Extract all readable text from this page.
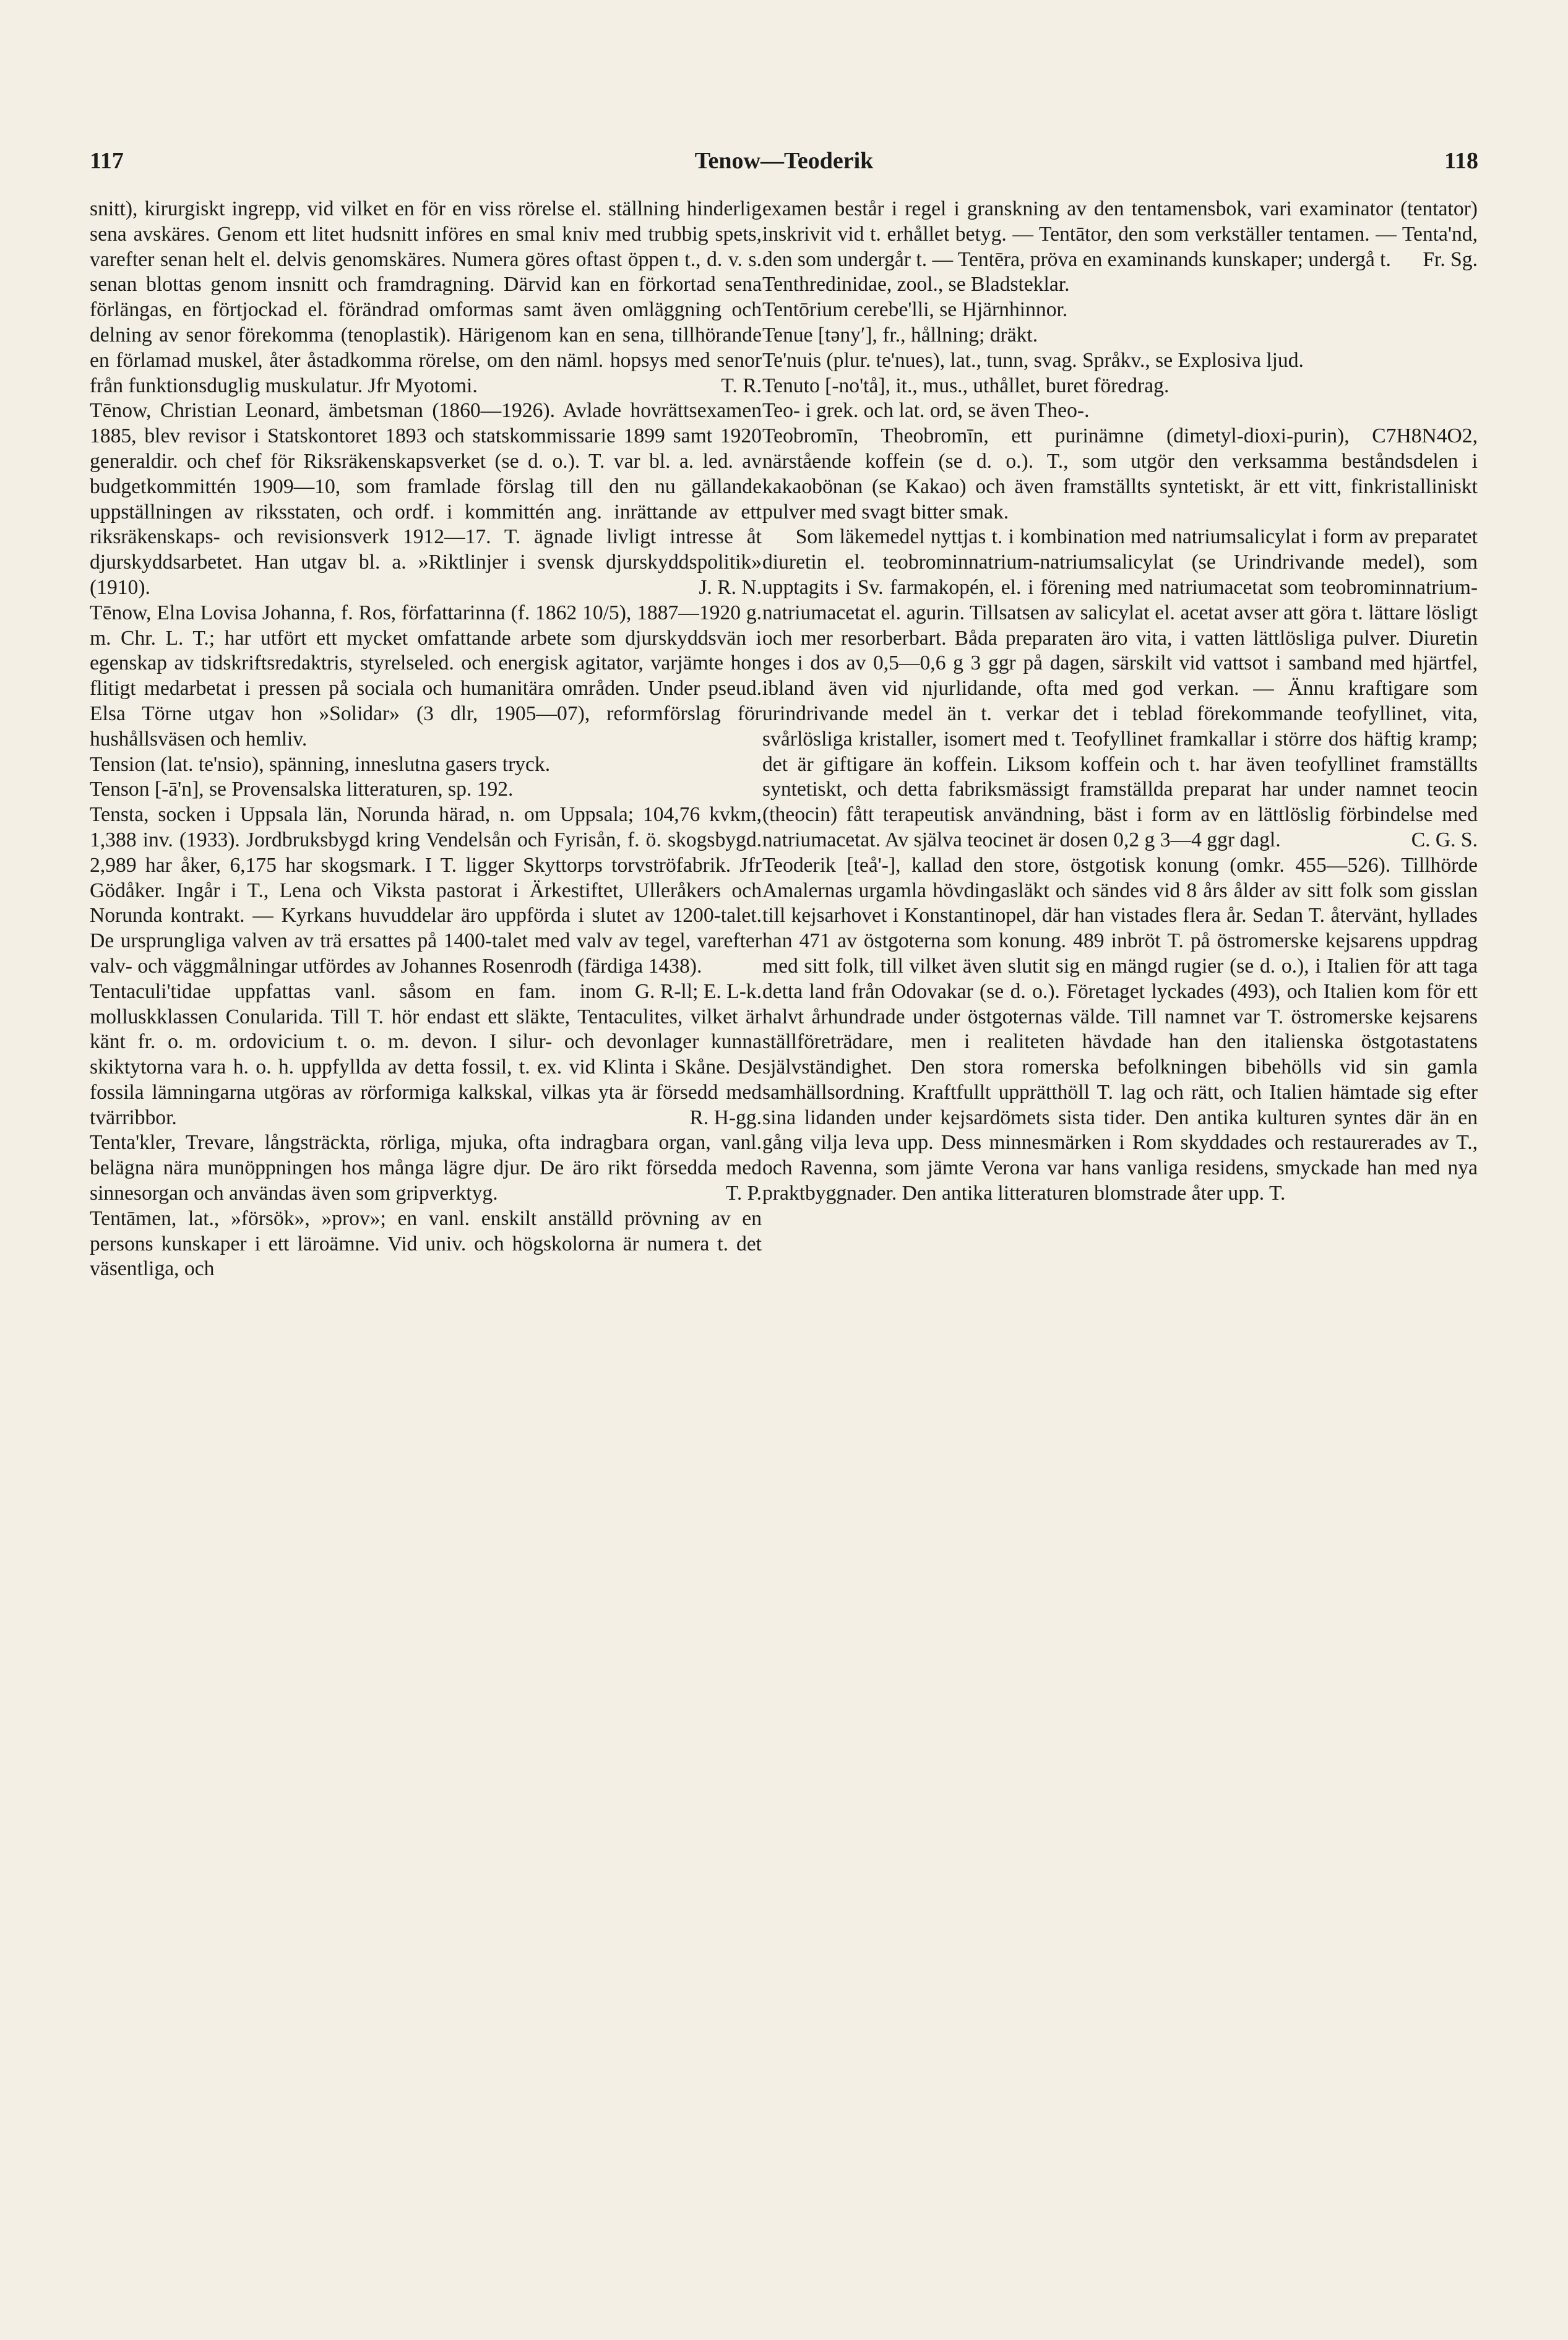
117	Tenow—Teoderik	118

snitt), kirurgiskt ingrepp, vid vilket en för en viss rörelse el. ställning hinderlig sena avskäres. Genom ett litet hudsnitt införes en smal kniv med trubbig spets, varefter senan helt el. delvis genomskäres. Numera göres oftast öppen t., d. v. s. senan blottas genom insnitt och framdragning. Därvid kan en förkortad sena förlängas, en förtjockad el. förändrad omformas samt även omläggning och delning av senor förekomma (tenoplastik). Härigenom kan en sena, tillhörande en förlamad muskel, åter åstadkomma rörelse, om den näml. hopsys med senor från funktionsduglig muskulatur. Jfr Myotomi.	T. R.

Tēnow, Christian Leonard, ämbetsman (1860—1926). Avlade hovrättsexamen 1885, blev revisor i Statskontoret 1893 och statskommissarie 1899 samt 1920 generaldir. och chef för Riksräkenskapsverket (se d. o.). T. var bl. a. led. av budgetkommittén 1909—10, som framlade förslag till den nu gällande uppställningen av riksstaten, och ordf. i kommittén ang. inrättande av ett riksräkenskaps- och revisionsverk 1912—17. T. ägnade livligt intresse åt djurskyddsarbetet. Han utgav bl. a. »Riktlinjer i svensk djurskyddspolitik» (1910).	J. R. N.

Tēnow, Elna Lovisa Johanna, f. Ros, författarinna (f. 1862 10/5), 1887—1920 g. m. Chr. L. T.; har utfört ett mycket omfattande arbete som djurskyddsvän i egenskap av tidskriftsredaktris, styrelseled. och energisk agitator, varjämte hon flitigt medarbetat i pressen på sociala och humanitära områden. Under pseud. Elsa Törne utgav hon »Solidar» (3 dlr, 1905—07), reformförslag för hushållsväsen och hemliv.

Tension (lat. te'nsio), spänning, inneslutna gasers tryck.

Tenson [-ā'n], se Provensalska litteraturen, sp. 192.

Tensta, socken i Uppsala län, Norunda härad, n. om Uppsala; 104,76 kvkm, 1,388 inv. (1933). Jordbruksbygd kring Vendelsån och Fyrisån, f. ö. skogsbygd. 2,989 har åker, 6,175 har skogsmark. I T. ligger Skyttorps torvströfabrik. Jfr Gödåker. Ingår i T., Lena och Viksta pastorat i Ärkestiftet, Ulleråkers och Norunda kontrakt. — Kyrkans huvuddelar äro uppförda i slutet av 1200-talet. De ursprungliga valven av trä ersattes på 1400-talet med valv av tegel, varefter valv- och väggmålningar utfördes av Johannes Rosenrodh (färdiga 1438).
G. R-ll; E. L-k.

Tentaculi'tidae uppfattas vanl. såsom en fam. inom molluskklassen Conularida. Till T. hör endast ett släkte, Tentaculites, vilket är känt fr. o. m. ordovicium t. o. m. devon. I silur- och devonlager kunna skiktytorna vara h. o. h. uppfyllda av detta fossil, t. ex. vid Klinta i Skåne. De fossila lämningarna utgöras av rörformiga kalkskal, vilkas yta är försedd med tvärribbor.	R. H-gg.

Tenta'kler, Trevare, långsträckta, rörliga, mjuka, ofta indragbara organ, vanl. belägna nära munöppningen hos många lägre djur. De äro rikt försedda med sinnesorgan och användas även som gripverktyg.	T. P.

Tentāmen, lat., »försök», »prov»; en vanl. enskilt anställd prövning av en persons kunskaper i ett läroämne. Vid univ. och högskolorna är numera t. det väsentliga, och

examen består i regel i granskning av den tentamensbok, vari examinator (tentator) inskrivit vid t. erhållet betyg. — Tentātor, den som verkställer tentamen. — Tenta'nd, den som undergår t. — Tentēra, pröva en examinands kunskaper; undergå t.	Fr. Sg.

Tenthredinidae, zool., se Bladsteklar.

Tentōrium cerebe'lli, se Hjärnhinnor.

Tenue [tənyʹ], fr., hållning; dräkt.

Te'nuis (plur. te'nues), lat., tunn, svag. Språkv., se Explosiva ljud.

Tenuto [-no'tå], it., mus., uthållet, buret föredrag.

Teo- i grek. och lat. ord, se även Theo-.

Teobromīn, Theobromīn, ett purinämne (dimetyl-dioxi-purin), C7H8N4O2, närstående koffein (se d. o.). T., som utgör den verksamma beståndsdelen i kakaobönan (se Kakao) och även framställts syntetiskt, är ett vitt, finkristalliniskt pulver med svagt bitter smak.

Som läkemedel nyttjas t. i kombination med natriumsalicylat i form av preparatet diuretin el. teobrominnatrium-natriumsalicylat (se Urindrivande medel), som upptagits i Sv. farmakopén, el. i förening med natriumacetat som teobrominnatrium-natriumacetat el. agurin. Tillsatsen av salicylat el. acetat avser att göra t. lättare lösligt och mer resorberbart. Båda preparaten äro vita, i vatten lättlösliga pulver. Diuretin ges i dos av 0,5—0,6 g 3 ggr på dagen, särskilt vid vattsot i samband med hjärtfel, ibland även vid njurlidande, ofta med god verkan. — Ännu kraftigare som urindrivande medel än t. verkar det i teblad förekommande teofyllinet, vita, svårlösliga kristaller, isomert med t. Teofyllinet framkallar i större dos häftig kramp; det är giftigare än koffein. Liksom koffein och t. har även teofyllinet framställts syntetiskt, och detta fabriksmässigt framställda preparat har under namnet teocin (theocin) fått terapeutisk användning, bäst i form av en lättlöslig förbindelse med natriumacetat. Av själva teocinet är dosen 0,2 g 3—4 ggr dagl.	C. G. S.

Teoderik [teå'-], kallad den store, östgotisk konung (omkr. 455—526). Tillhörde Amalernas urgamla hövdingasläkt och sändes vid 8 års ålder av sitt folk som gisslan till kejsarhovet i Konstantinopel, där han vistades flera år. Sedan T. återvänt, hyllades han 471 av östgoterna som konung. 489 inbröt T. på östromerske kejsarens uppdrag med sitt folk, till vilket även slutit sig en mängd rugier (se d. o.), i Italien för att taga detta land från Odovakar (se d. o.). Företaget lyckades (493), och Italien kom för ett halvt århundrade under östgoternas välde. Till namnet var T. östromerske kejsarens ställföreträdare, men i realiteten hävdade han den italienska östgotastatens självständighet. Den stora romerska befolkningen bibehölls vid sin gamla samhällsordning. Kraftfullt upprätthöll T. lag och rätt, och Italien hämtade sig efter sina lidanden under kejsardömets sista tider. Den antika kulturen syntes där än en gång vilja leva upp. Dess minnesmärken i Rom skyddades och restaurerades av T., och Ravenna, som jämte Verona var hans vanliga residens, smyckade han med nya praktbyggnader. Den antika litteraturen blomstrade åter upp. T.
